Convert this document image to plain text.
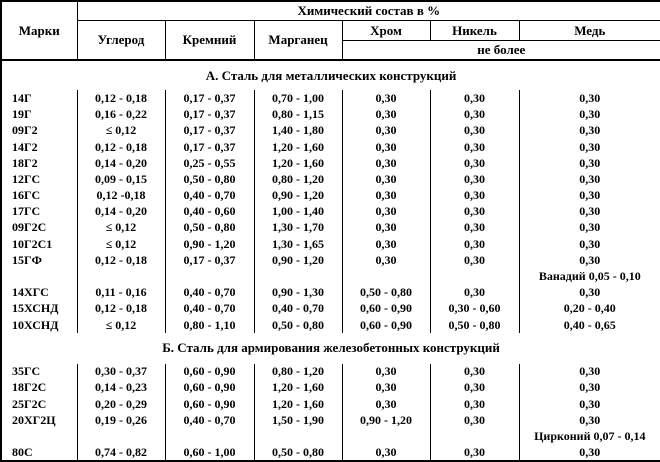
Марки	Химический состав в %					
	Углерод	Кремний	Марганец	Хром	Никель	Медь
				не более		
А. Сталь для металлических конструкций						
14Г	0,12 - 0,18	0,17 - 0,37	0,70 - 1,00	0,30	0,30	0,30
19Г	0,16 - 0,22	0,17 - 0,37	0,80 - 1,15	0,30	0,30	0,30
09Г2	≤ 0,12	0,17 - 0,37	1,40 - 1,80	0,30	0,30	0,30
14Г2	0,12 - 0,18	0,17 - 0,37	1,20 - 1,60	0,30	0,30	0,30
18Г2	0,14 - 0,20	0,25 - 0,55	1,20 - 1,60	0,30	0,30	0,30
12ГС	0,09 - 0,15	0,50 - 0,80	0,80 - 1,20	0,30	0,30	0,30
16ГС	0,12 -0,18	0,40 - 0,70	0,90 - 1,20	0,30	0,30	0,30
17ГС	0,14 - 0,20	0,40 - 0,60	1,00 - 1,40	0,30	0,30	0,30
09Г2С	≤ 0,12	0,50 - 0,80	1,30 - 1,70	0,30	0,30	0,30
10Г2С1	≤ 0,12	0,90 - 1,20	1,30 - 1,65	0,30	0,30	0,30
15ГФ	0,12 - 0,18	0,17 - 0,37	0,90 - 1,20	0,30	0,30	0,30
						Ванадий 0,05 - 0,10
14ХГС	0,11 - 0,16	0,40 - 0,70	0,90 - 1,30	0,50 - 0,80	0,30	0,30
15ХСНД	0,12 - 0,18	0,40 - 0,70	0,40 - 0,70	0,60 - 0,90	0,30 - 0,60	0,20 - 0,40
10ХСНД	≤ 0,12	0,80 - 1,10	0,50 - 0,80	0,60 - 0,90	0,50 - 0,80	0,40 - 0,65
Б. Сталь для армирования железобетонных конструкций						
35ГС	0,30 - 0,37	0,60 - 0,90	0,80 - 1,20	0,30	0,30	0,30
18Г2С	0,14 - 0,23	0,60 - 0,90	1,20 - 1,60	0,30	0,30	0,30
25Г2С	0,20 - 0,29	0,60 - 0,90	1,20 - 1,60	0,30	0,30	0,30
20ХГ2Ц	0,19 - 0,26	0,40 - 0,70	1,50 - 1,90	0,90 - 1,20	0,30	0,30
						Цирконий 0,07 - 0,14
80С	0,74 - 0,82	0,60 - 1,00	0,50 - 0,80	0,30	0,30	0,30
